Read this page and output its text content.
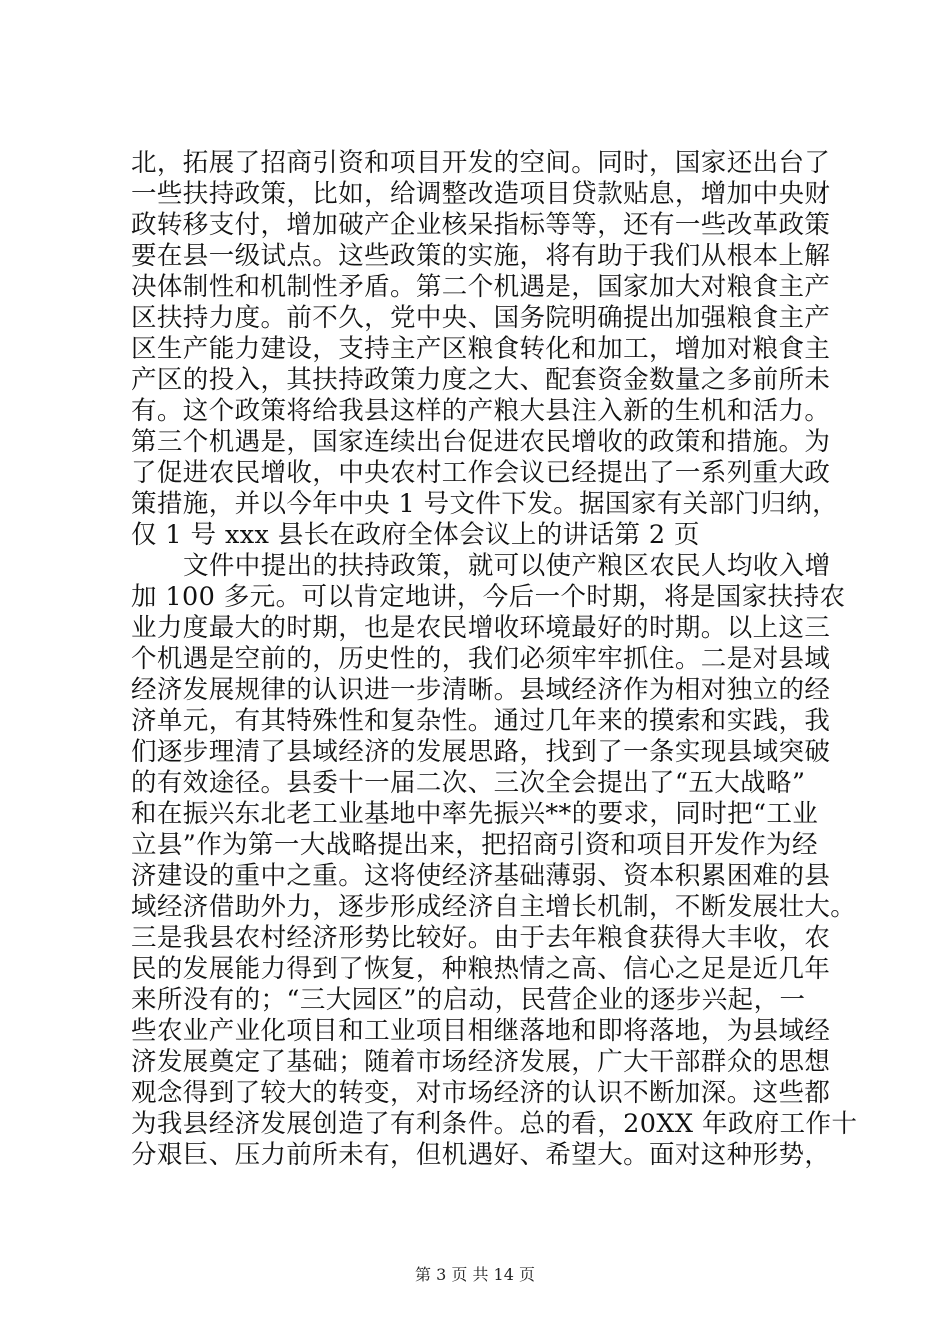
北，拓展了招商引资和项目开发的空间。同时，国家还出台了
一些扶持政策，比如，给调整改造项目贷款贴息，增加中央财
政转移支付，增加破产企业核呆指标等等，还有一些改革政策
要在县一级试点。这些政策的实施，将有助于我们从根本上解
决体制性和机制性矛盾。第二个机遇是，国家加大对粮食主产
区扶持力度。前不久，党中央、国务院明确提出加强粮食主产
区生产能力建设，支持主产区粮食转化和加工，增加对粮食主
产区的投入，其扶持政策力度之大、配套资金数量之多前所未
有。这个政策将给我县这样的产粮大县注入新的生机和活力。
第三个机遇是，国家连续出台促进农民增收的政策和措施。为
了促进农民增收，中央农村工作会议已经提出了一系列重大政
策措施，并以今年中央 1 号文件下发。据国家有关部门归纳，
仅 1 号 xxx 县长在政府全体会议上的讲话第 2 页
文件中提出的扶持政策，就可以使产粮区农民人均收入增
加 100 多元。可以肯定地讲，今后一个时期，将是国家扶持农
业力度最大的时期，也是农民增收环境最好的时期。以上这三
个机遇是空前的，历史性的，我们必须牢牢抓住。二是对县域
经济发展规律的认识进一步清晰。县域经济作为相对独立的经
济单元，有其特殊性和复杂性。通过几年来的摸索和实践，我
们逐步理清了县域经济的发展思路，找到了一条实现县域突破
的有效途径。县委十一届二次、三次全会提出了“五大战略”
和在振兴东北老工业基地中率先振兴**的要求，同时把“工业
立县”作为第一大战略提出来，把招商引资和项目开发作为经
济建设的重中之重。这将使经济基础薄弱、资本积累困难的县
域经济借助外力，逐步形成经济自主增长机制，不断发展壮大。
三是我县农村经济形势比较好。由于去年粮食获得大丰收，农
民的发展能力得到了恢复，种粮热情之高、信心之足是近几年
来所没有的；“三大园区”的启动，民营企业的逐步兴起，一
些农业产业化项目和工业项目相继落地和即将落地，为县域经
济发展奠定了基础；随着市场经济发展，广大干部群众的思想
观念得到了较大的转变，对市场经济的认识不断加深。这些都
为我县经济发展创造了有利条件。总的看，20XX 年政府工作十
分艰巨、压力前所未有，但机遇好、希望大。面对这种形势，
第 3 页 共 14 页
